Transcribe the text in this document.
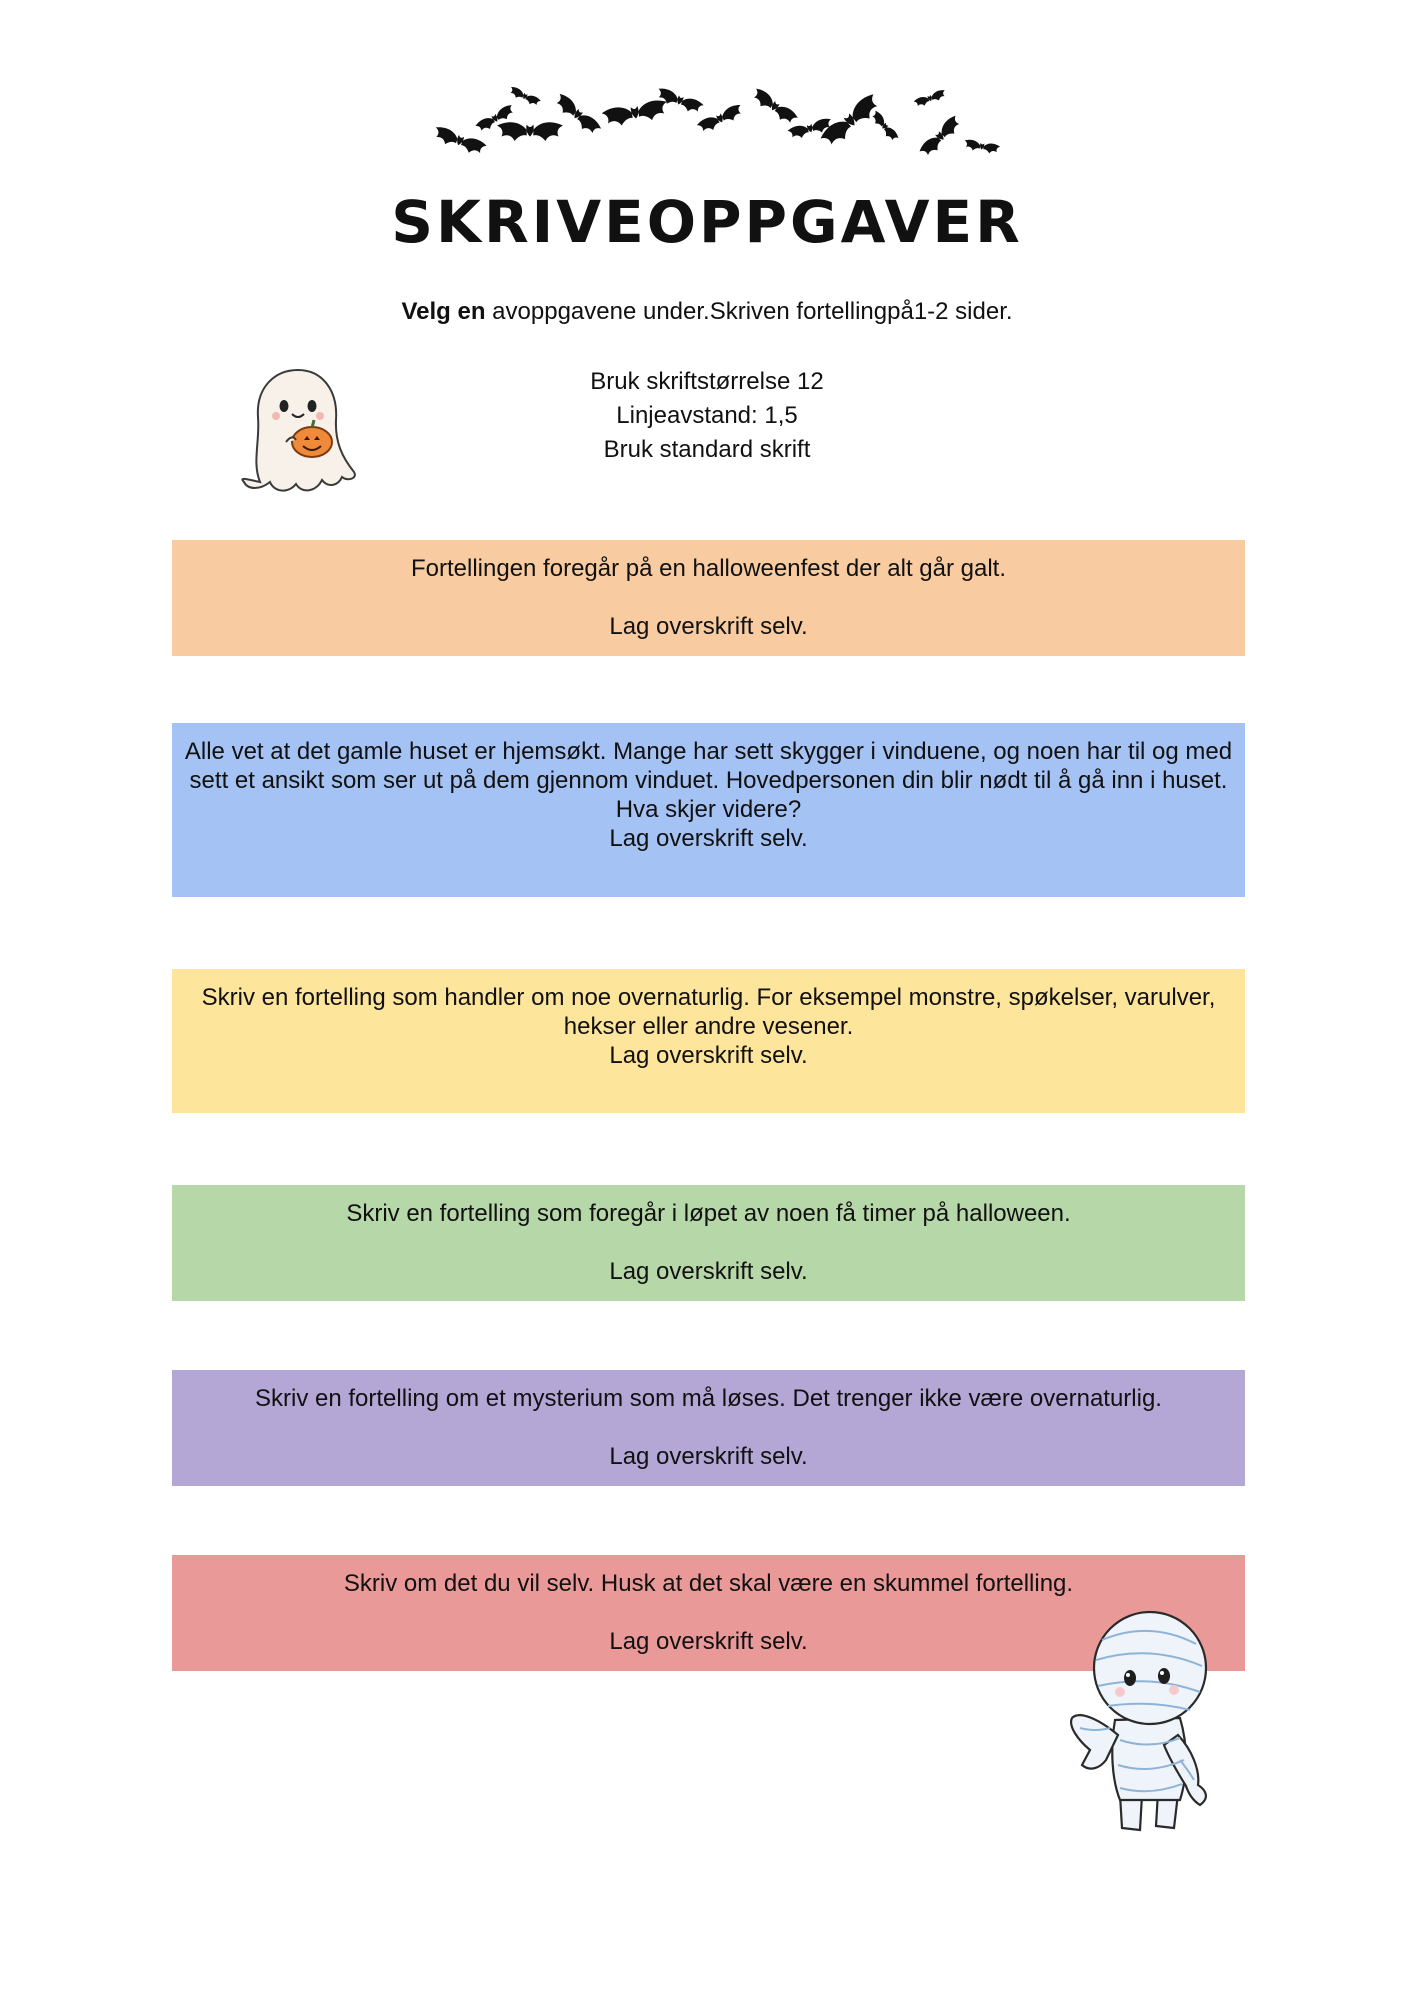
SKRIVEOPPGAVER
Velg en avoppgavene under.Skriven fortellingpå1-2 sider.
Bruk skriftstørrelse 12
Linjeavstand: 1,5
Bruk standard skrift

Fortellingen foregår på en halloweenfest der alt går galt.

Lag overskrift selv.

Alle vet at det gamle huset er hjemsøkt. Mange har sett skygger i vinduene, og noen har til og med sett et ansikt som ser ut på dem gjennom vinduet. Hovedpersonen din blir nødt til å gå inn i huset. Hva skjer videre?

Lag overskrift selv.

Skriv en fortelling som handler om noe overnaturlig. For eksempel monstre, spøkelser, varulver, hekser eller andre vesener.

Lag overskrift selv.

Skriv en fortelling som foregår i løpet av noen få timer på halloween.

Lag overskrift selv.

Skriv en fortelling om et mysterium som må løses. Det trenger ikke være overnaturlig.

Lag overskrift selv.

Skriv om det du vil selv. Husk at det skal være en skummel fortelling.

Lag overskrift selv.
